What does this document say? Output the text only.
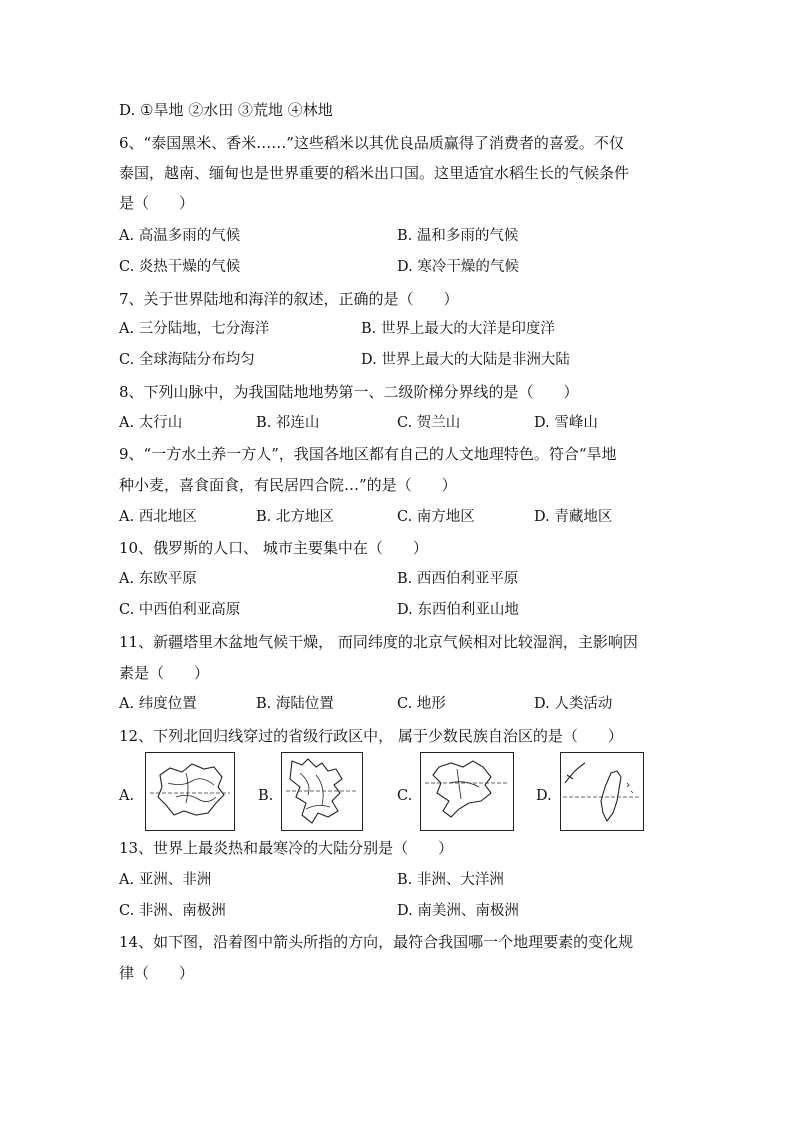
D. ①旱地 ②水田 ③荒地 ④林地
6、“泰国黑米、香米……”这些稻米以其优良品质赢得了消费者的喜爱。不仅
泰国，越南、缅甸也是世界重要的稻米出口国。这里适宜水稻生长的气候条件
是（　　）
A. 高温多雨的气候	B. 温和多雨的气候
C. 炎热干燥的气候	D. 寒冷干燥的气候
7、关于世界陆地和海洋的叙述，正确的是（　　）
A. 三分陆地，七分海洋	B. 世界上最大的大洋是印度洋
C. 全球海陆分布均匀	D. 世界上最大的大陆是非洲大陆
8、下列山脉中，为我国陆地地势第一、二级阶梯分界线的是（　　）
A. 太行山	B. 祁连山	C. 贺兰山	D. 雪峰山
9、“一方水土养一方人”，我国各地区都有自己的人文地理特色。符合“旱地
种小麦，喜食面食，有民居四合院…”的是（　　）
A. 西北地区	B. 北方地区	C. 南方地区	D. 青藏地区
10、俄罗斯的人口、 城市主要集中在（　　）
A. 东欧平原	B. 西西伯利亚平原
C. 中西伯利亚高原	D. 东西伯利亚山地
11、新疆塔里木盆地气候干燥， 而同纬度的北京气候相对比较湿润，主影响因
素是（　　）
A. 纬度位置	B. 海陆位置	C. 地形	D. 人类活动
12、下列北回归线穿过的省级行政区中， 属于少数民族自治区的是（　　）
A.	B.	C.	D.
13、世界上最炎热和最寒冷的大陆分别是（　　）
A. 亚洲、非洲	B. 非洲、大洋洲
C. 非洲、南极洲	D. 南美洲、南极洲
14、如下图，沿着图中箭头所指的方向，最符合我国哪一个地理要素的变化规
律（　　）
